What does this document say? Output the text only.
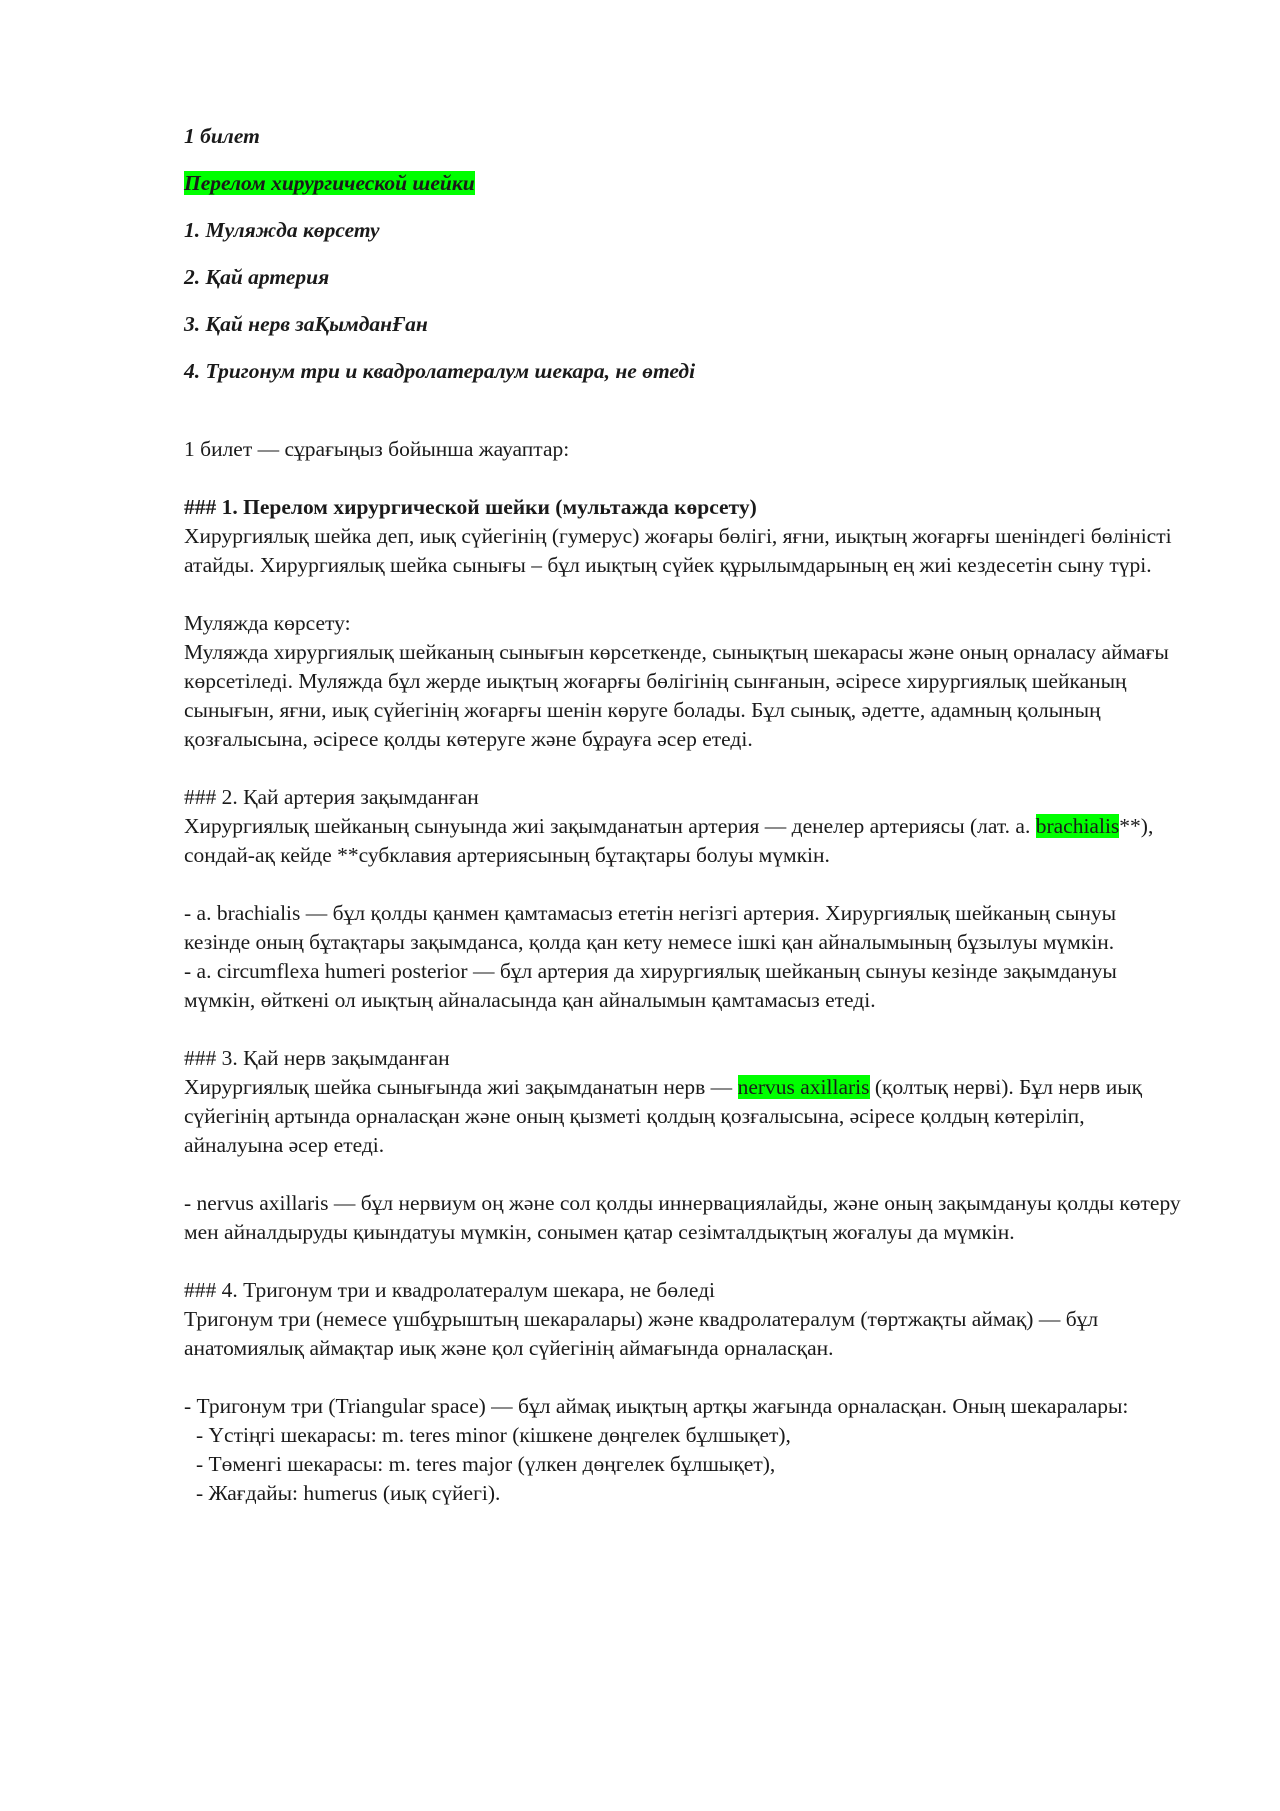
1 билет

Перелом хирургической шейки

1. Муляжда көрсету

2. Қай артерия

3. Қай нерв заҚымданҒан

4. Тригонум три и квадролатералум шекара, не өтеді

1 билет — сұрағыңыз бойынша жауаптар:

### 1. Перелом хирургической шейки (мультажда көрсету)

Хирургиялық шейка деп, иық сүйегінің (гумерус) жоғары бөлігі, яғни, иықтың жоғарғы шеніндегі бөліністі атайды. Хирургиялық шейка сынығы – бұл иықтың сүйек құрылымдарының ең жиі кездесетін сыну түрі.

Муляжда көрсету:

Муляжда хирургиялық шейканың сынығын көрсеткенде, сынықтың шекарасы және оның орналасу аймағы көрсетіледі. Муляжда бұл жерде иықтың жоғарғы бөлігінің сынғанын, әсіресе хирургиялық шейканың сынығын, яғни, иық сүйегінің жоғарғы шенін көруге болады. Бұл сынық, әдетте, адамның қолының қозғалысына, әсіресе қолды көтеруге және бұрауға әсер етеді.

### 2. Қай артерия зақымданған

Хирургиялық шейканың сынуында жиі зақымданатын артерия — денелер артериясы (лат. a. brachialis**), сондай-ақ кейде **субклавия артериясының бұтақтары болуы мүмкін.

- a. brachialis — бұл қолды қанмен қамтамасыз ететін негізгі артерия. Хирургиялық шейканың сынуы кезінде оның бұтақтары зақымданса, қолда қан кету немесе ішкі қан айналымының бұзылуы мүмкін.

- a. circumflexa humeri posterior — бұл артерия да хирургиялық шейканың сынуы кезінде зақымдануы мүмкін, өйткені ол иықтың айналасында қан айналымын қамтамасыз етеді.

### 3. Қай нерв зақымданған

Хирургиялық шейка сынығында жиі зақымданатын нерв — nervus axillaris (қолтық нерві). Бұл нерв иық сүйегінің артында орналасқан және оның қызметі қолдың қозғалысына, әсіресе қолдың көтеріліп, айналуына әсер етеді.

- nervus axillaris — бұл нервиум оң және сол қолды иннервациялайды, және оның зақымдануы қолды көтеру мен айналдыруды қиындатуы мүмкін, сонымен қатар сезімталдықтың жоғалуы да мүмкін.

### 4. Тригонум три и квадролатералум шекара, не бөледі

Тригонум три (немесе үшбұрыштың шекаралары) және квадролатералум (төртжақты аймақ) — бұл анатомиялық аймақтар иық және қол сүйегінің аймағында орналасқан.

- Тригонум три (Triangular space) — бұл аймақ иықтың артқы жағында орналасқан. Оның шекаралары:

- Үстіңгі шекарасы: m. teres minor (кішкене дөңгелек бұлшықет),

- Төменгі шекарасы: m. teres major (үлкен дөңгелек бұлшықет),

- Жағдайы: humerus (иық сүйегі).
